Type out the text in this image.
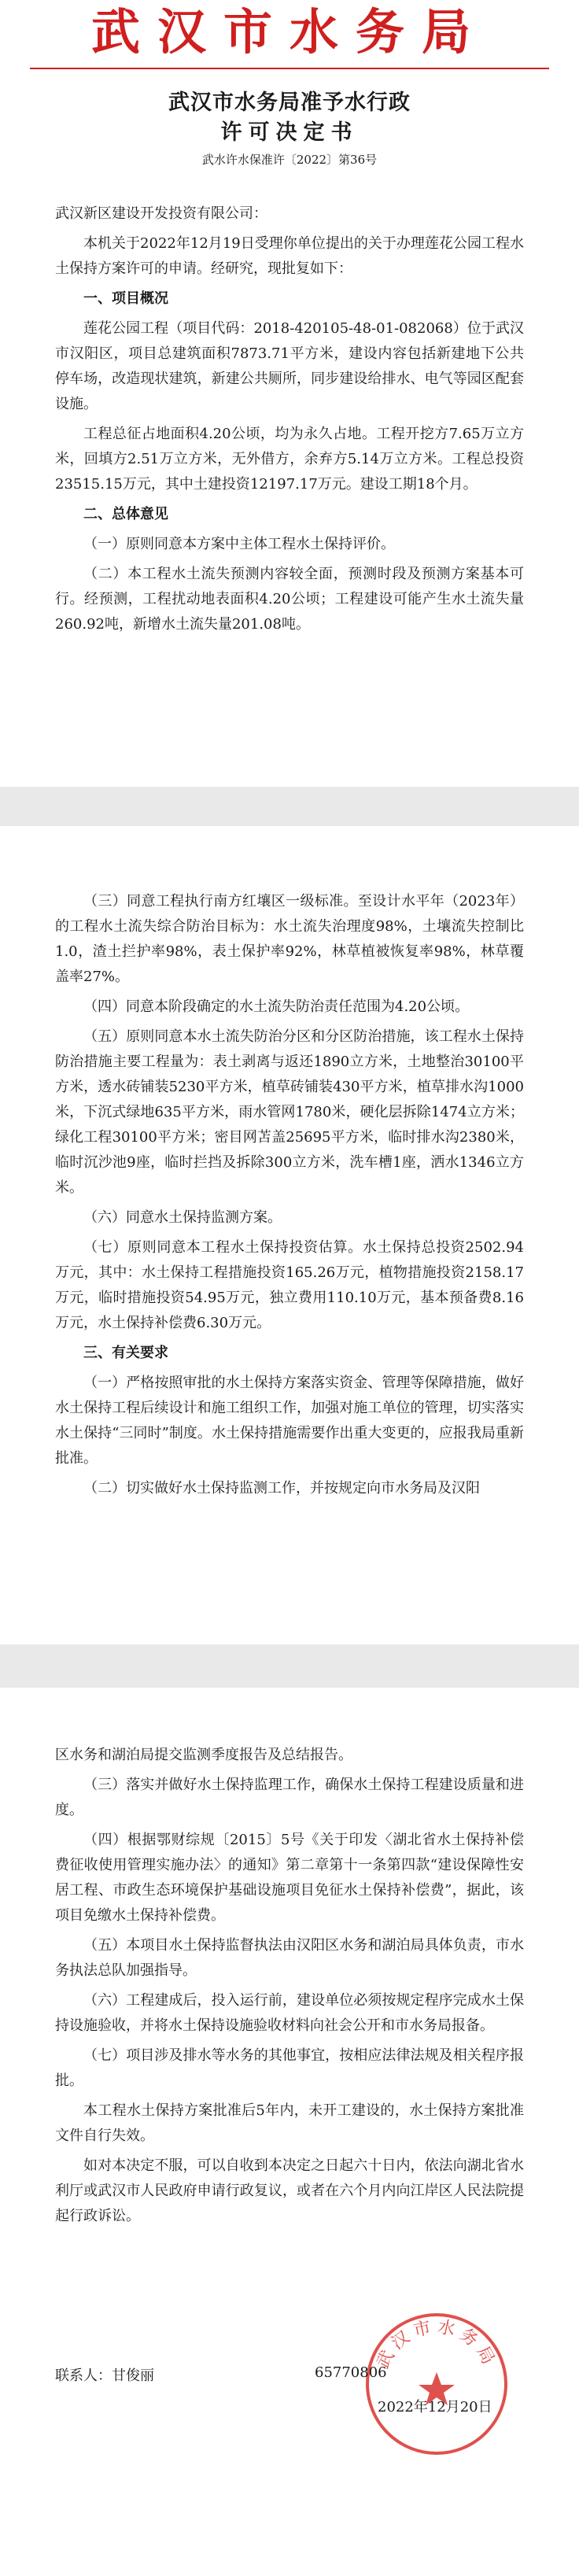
武汉市水务局
武汉市水务局准予水行政
许可决定书
武水许水保准许〔2022〕第36号

武汉新区建设开发投资有限公司：

本机关于2022年12月19日受理你单位提出的关于办理莲花公园工程水土保持方案许可的申请。经研究，现批复如下：

一、项目概况

莲花公园工程（项目代码：2018-420105-48-01-082068）位于武汉市汉阳区，项目总建筑面积7873.71平方米，建设内容包括新建地下公共停车场，改造现状建筑，新建公共厕所，同步建设给排水、电气等园区配套设施。

工程总征占地面积4.20公顷，均为永久占地。工程开挖方7.65万立方米，回填方2.51万立方米，无外借方，余弃方5.14万立方米。工程总投资23515.15万元，其中土建投资12197.17万元。建设工期18个月。

二、总体意见

（一）原则同意本方案中主体工程水土保持评价。

（二）本工程水土流失预测内容较全面，预测时段及预测方案基本可行。经预测，工程扰动地表面积4.20公顷；工程建设可能产生水土流失量260.92吨，新增水土流失量201.08吨。

（三）同意工程执行南方红壤区一级标准。至设计水平年（2023年）的工程水土流失综合防治目标为：水土流失治理度98%，土壤流失控制比1.0，渣土拦护率98%，表土保护率92%，林草植被恢复率98%，林草覆盖率27%。

（四）同意本阶段确定的水土流失防治责任范围为4.20公顷。

（五）原则同意本水土流失防治分区和分区防治措施，该工程水土保持防治措施主要工程量为：表土剥离与返还1890立方米，土地整治30100平方米，透水砖铺装5230平方米，植草砖铺装430平方米，植草排水沟1000米，下沉式绿地635平方米，雨水管网1780米，硬化层拆除1474立方米；绿化工程30100平方米；密目网苫盖25695平方米，临时排水沟2380米，临时沉沙池9座，临时拦挡及拆除300立方米，洗车槽1座，洒水1346立方米。

（六）同意水土保持监测方案。

（七）原则同意本工程水土保持投资估算。水土保持总投资2502.94万元，其中：水土保持工程措施投资165.26万元，植物措施投资2158.17万元，临时措施投资54.95万元，独立费用110.10万元，基本预备费8.16万元，水土保持补偿费6.30万元。

三、有关要求

（一）严格按照审批的水土保持方案落实资金、管理等保障措施，做好水土保持工程后续设计和施工组织工作，加强对施工单位的管理，切实落实水土保持“三同时”制度。水土保持措施需要作出重大变更的，应报我局重新批准。

（二）切实做好水土保持监测工作，并按规定向市水务局及汉阳

区水务和湖泊局提交监测季度报告及总结报告。

（三）落实并做好水土保持监理工作，确保水土保持工程建设质量和进度。

（四）根据鄂财综规〔2015〕5号《关于印发〈湖北省水土保持补偿费征收使用管理实施办法〉的通知》第二章第十一条第四款“建设保障性安居工程、市政生态环境保护基础设施项目免征水土保持补偿费”，据此，该项目免缴水土保持补偿费。

（五）本项目水土保持监督执法由汉阳区水务和湖泊局具体负责，市水务执法总队加强指导。

（六）工程建成后，投入运行前，建设单位必须按规定程序完成水土保持设施验收，并将水土保持设施验收材料向社会公开和市水务局报备。

（七）项目涉及排水等水务的其他事宜，按相应法律法规及相关程序报批。

本工程水土保持方案批准后5年内，未开工建设的，水土保持方案批准文件自行失效。

如对本决定不服，可以自收到本决定之日起六十日内，依法向湖北省水利厅或武汉市人民政府申请行政复议，或者在六个月内向江岸区人民法院提起行政诉讼。

武汉市水务局
联系人：甘俊丽	65770806
2022年12月20日
